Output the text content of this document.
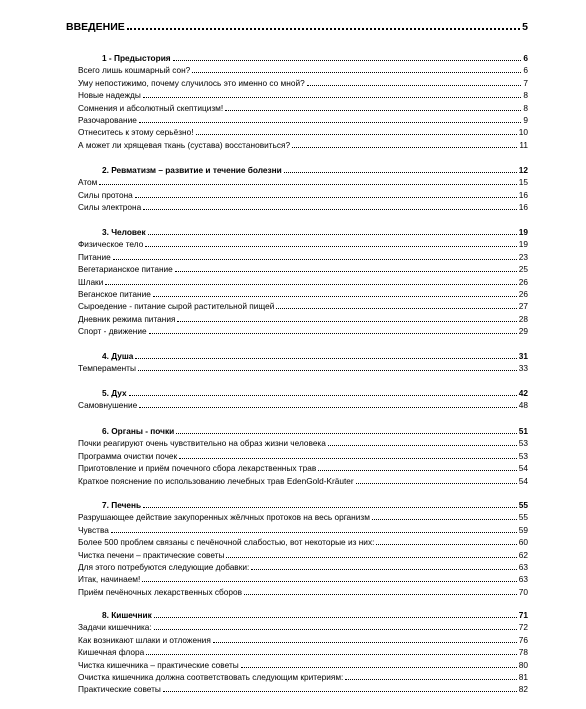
ВВЕДЕНИЕ	5
1 - Предыстория	6
Всего лишь кошмарный сон?	6
Уму непостижимо, почему случилось это именно со мной?	7
Новые надежды	8
Сомнения и абсолютный скептицизм!	8
Разочарование	9
Отнеситесь к этому серьёзно!	10
А может ли хрящевая ткань (сустава) восстановиться?	11
2. Ревматизм – развитие и течение болезни	12
Атом	15
Силы протона	16
Силы электрона	16
3. Человек	19
Физическое тело	19
Питание	23
Вегетарианское питание	25
Шлаки	26
Веганское питание	26
Сыроедение - питание сырой растительной пищей	27
Дневник режима питания	28
Спорт - движение	29
4. Душа	31
Темпераменты	33
5. Дух	42
Самовнушение	48
6. Органы - почки	51
Почки реагируют очень чувствительно на образ жизни человека	53
Программа очистки почек	53
Приготовление и приём почечного сбора лекарственных трав	54
Краткое пояснение по использованию лечебных трав EdenGold-Kräuter	54
7. Печень	55
Разрушающее действие закупоренных жёлчных протоков на весь организм	55
Чувства	59
Более 500 проблем связаны с печёночной слабостью, вот некоторые из них:	60
Чистка печени – практические советы	62
Для этого потребуются следующие добавки:	63
Итак, начинаем!	63
Приём печёночных лекарственных сборов	70
8. Кишечник	71
Задачи кишечника:	72
Как возникают шлаки и отложения	76
Кишечная флора	78
Чистка кишечника – практические советы	80
Очистка кишечника должна соответствовать следующим критериям:	81
Практические советы	82
